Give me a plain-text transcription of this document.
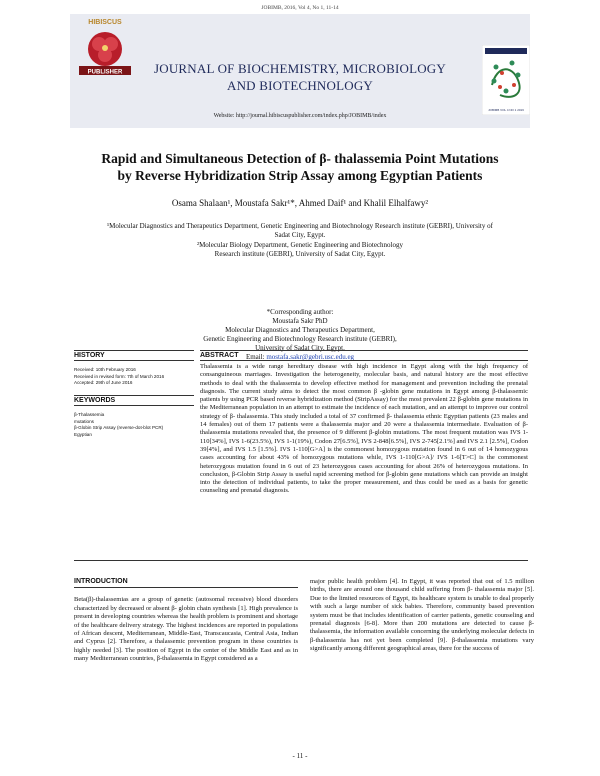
JOBIMB, 2016, Vol 4, No 1, 11-14
HIBISCUS
PUBLISHER	JOURNAL OF BIOCHEMISTRY, MICROBIOLOGY
AND BIOTECHNOLOGY
Website: http://journal.hibiscuspublisher.com/index.php/JOBIMB/index
JOBIMB VOL 4 NO 1 2016
Rapid and Simultaneous Detection of β- thalassemia Point Mutations
by Reverse Hybridization Strip Assay among Egyptian Patients
Osama Shalaan¹, Moustafa Sakr¹*, Ahmed Daif¹ and Khalil Elhalfawy²
¹Molecular Diagnostics and Therapeutics Department, Genetic Engineering and Biotechnology Research institute (GEBRI), University of
Sadat City, Egypt.
²Molecular Biology Department, Genetic Engineering and Biotechnology
Research institute (GEBRI), University of Sadat City, Egypt.
*Corresponding author:
Moustafa Sakr PhD
Molecular Diagnostics and Therapeutics Department,
Genetic Engineering and Biotechnology Research institute (GEBRI),
University of Sadat City, Egypt.
Email: mostafa.sakr@gebri.usc.edu.eg
HISTORY
Received: 10th February 2016
Received in revised form: 7th of March 2016
Accepted: 29th of June 2016
KEYWORDS
β-Thalassemia
mutations
β-Globin Strip Assay (reverse-dot-blot PCR)
Egyptian
ABSTRACT
Thalassemia is a wide range hereditary disease with high incidence in Egypt along with the high frequency of consanguineous marriages. Investigation the heterogeneity, molecular basis, and natural history are the most effective methods to deal with the thalassemia to develop effective method for management and prevention including the prenatal diagnosis. The current study aims to detect the most common β -globin gene mutations in Egypt among β-thalassemic patients by using PCR based reverse hybridization method (StripAssay) for the most prevalent 22 β-globin gene mutations in the Mediterranean population in an attempt to estimate the incidence of each mutation, and an attempt to improve our control strategy of β- thalassemia. This study included a total of 37 confirmed β- thalassemia ethnic Egyptian patients (23 males and 14 females) out of them 17 patients were a thalassemia major and 20 were a thalassemia intermediate. Evaluation of β-thalassemia mutations revealed that, the presence of 9 different β-globin mutations. The most frequent mutation was IVS 1-110[34%], IVS 1-6(23.5%), IVS 1-1(19%), Codon 27[6.5%], IVS 2-848[6.5%], IVS 2-745[2.1%] and IVS 2.1 [2.5%], Codon 39[4%], and IVS 1.5 [1.5%]. IVS 1-110[G>A] is the commonest homozygous mutation found in 6 out of 14 homozygous cases accounting for about 43% of homozygous mutations while, IVS 1-110[G>A]/ IVS 1-6[T>C] is the commonest heterozygous mutation found in 6 out of 23 heterozygous cases accounting for about 26% of heterozygous mutations. In conclusion, β-Globin Strip Assay is useful rapid screening method for β-globin gene mutations which can provide an insight into the detection of individual patients, to take the proper measurement, and thus could be used as a basis for genetic counseling and prenatal diagnosis.
INTRODUCTION
Beta(β)-thalassemias are a group of genetic (autosomal recessive) blood disorders characterized by decreased or absent β- globin chain synthesis [1]. High prevalence is present in developing countries whereas the health problem is prominent and shortage of the healthcare delivery strategy. The highest incidences are reported in populations of African descent, Mediterranean, Middle-East, Transcaucasia, Central Asia, Indian and Cyprus [2]. Therefore, a thalassemic prevention program in these countries is highly needed [3]. The position of Egypt in the center of the Middle East and as in many Mediterranean countries, β-thalassemia in Egypt considered as a
major public health problem [4]. In Egypt, it was reported that out of 1.5 million births, there are around one thousand child suffering from β- thalassemia major [5]. Due to the limited resources of Egypt, its healthcare system is unable to deal properly with such a large number of sick babies. Therefore, community based prevention system must be that includes identification of carrier patients, genetic counseling and prenatal diagnosis [6-8]. More than 200 mutations are detected to cause β-thalassemia, the information available concerning the underlying molecular defects in β-thalassemia has not yet been completed [9]. β-thalassemia mutations vary significantly among different geographical areas, there for the success of
- 11 -
